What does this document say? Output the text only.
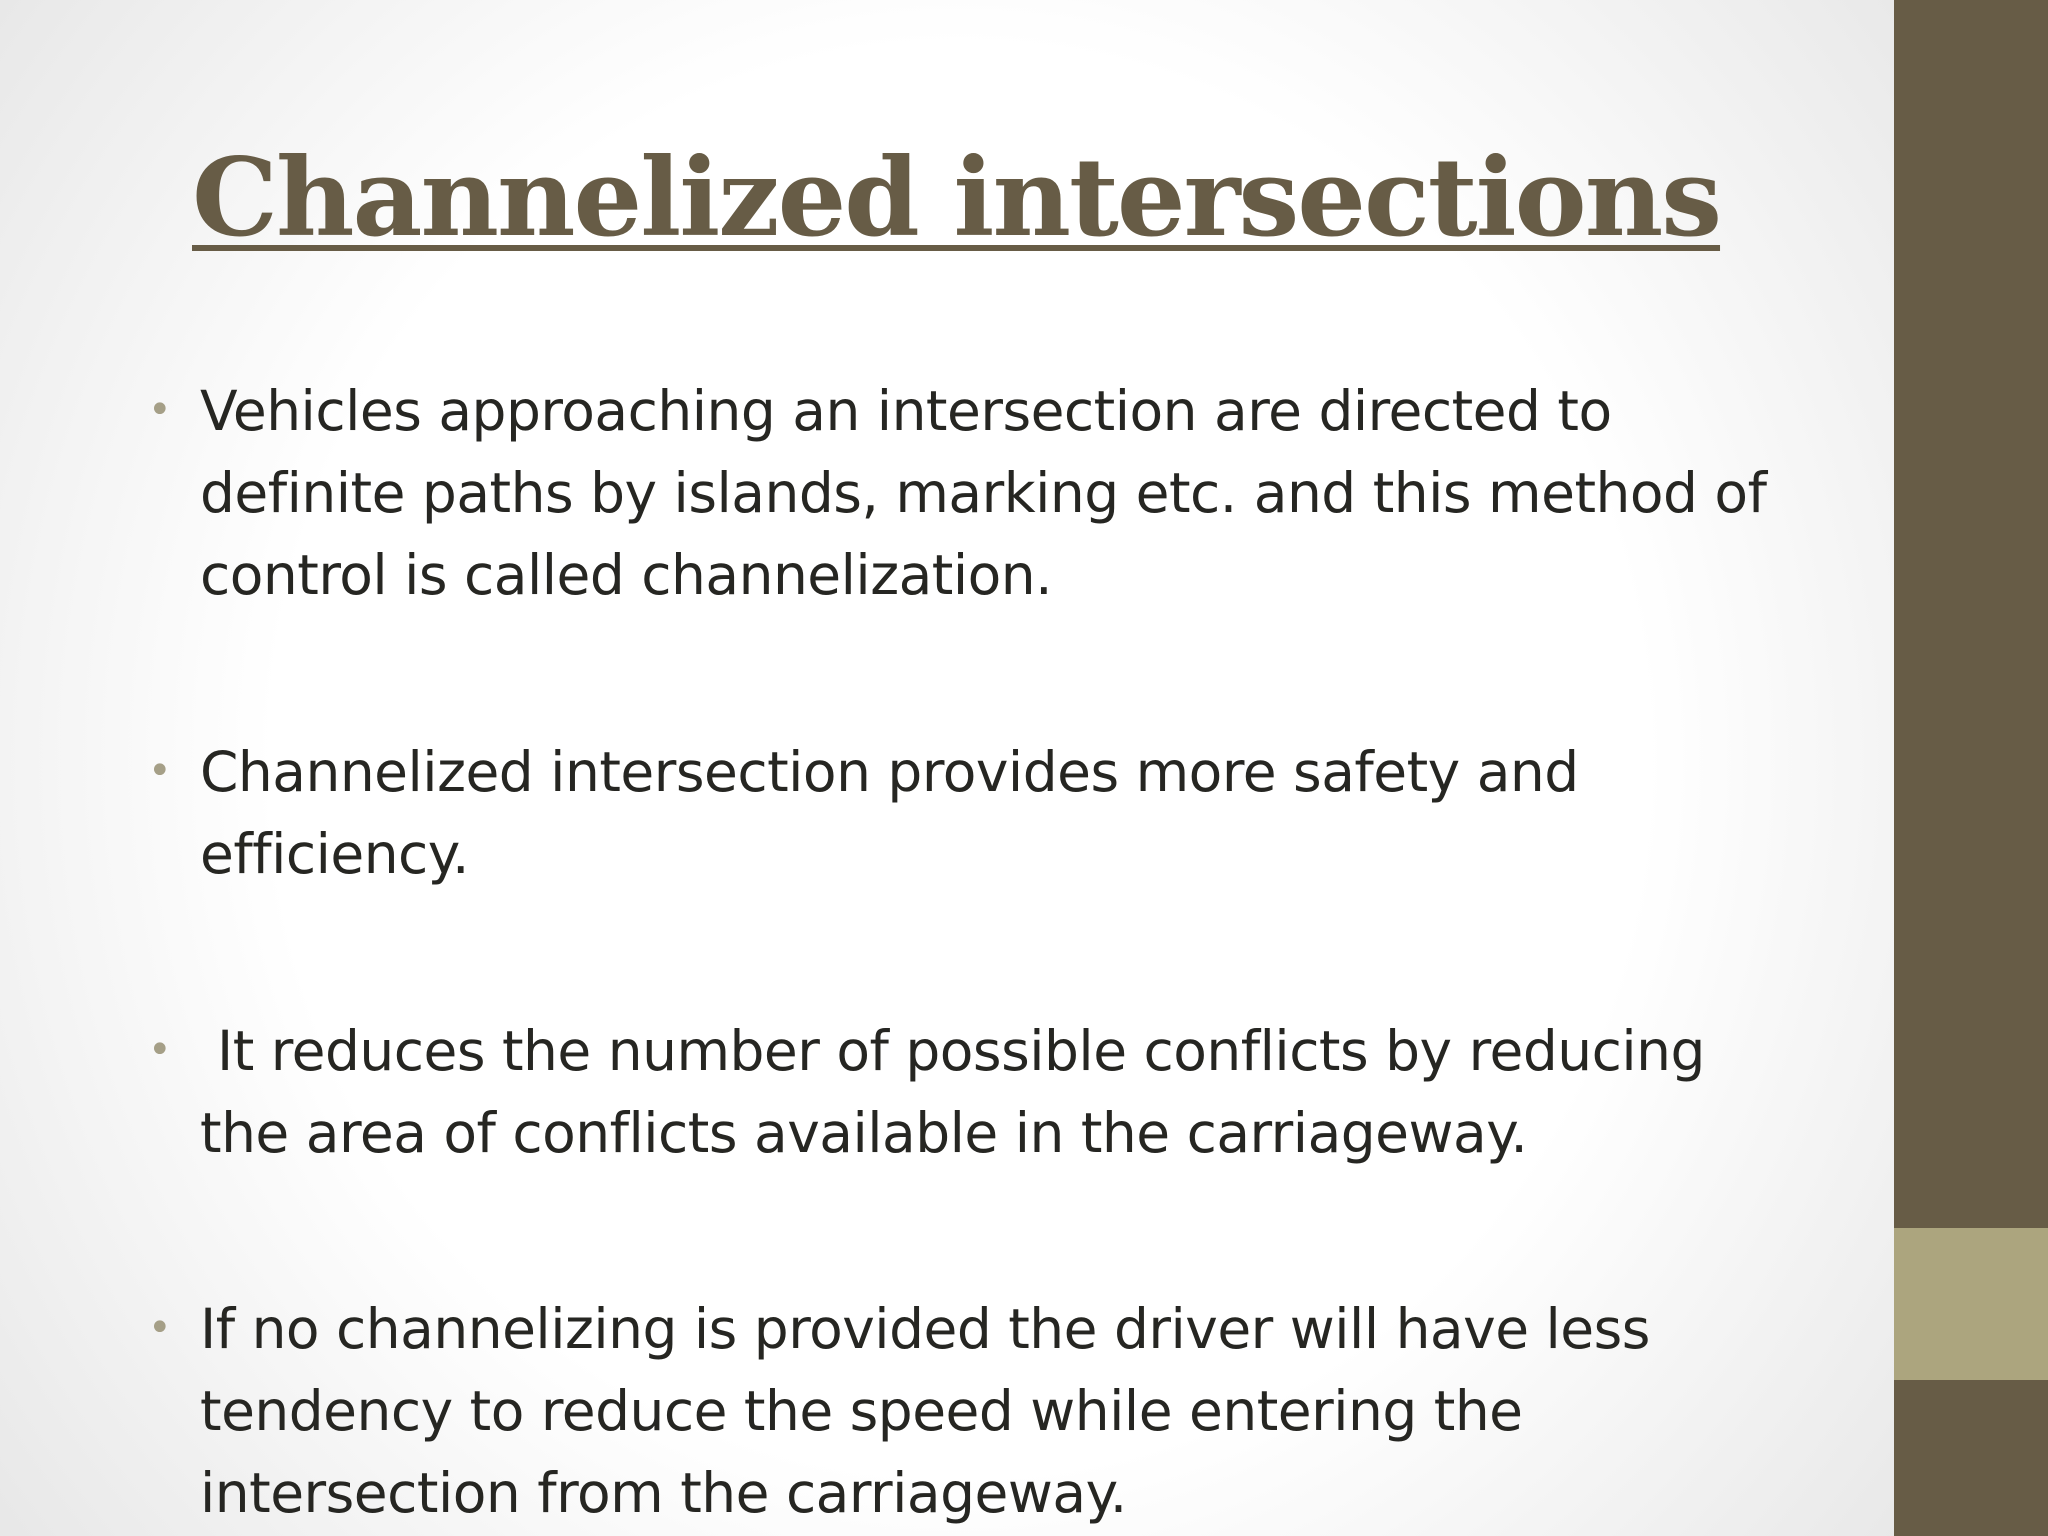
Channelized intersections
• Vehicles approaching an intersection are directed to definite paths by islands, marking etc. and this method of control is called channelization.
• Channelized intersection provides more safety and efficiency.
• It reduces the number of possible conflicts by reducing the area of conflicts available in the carriageway.
• If no channelizing is provided the driver will have less tendency to reduce the speed while entering the intersection from the carriageway.
